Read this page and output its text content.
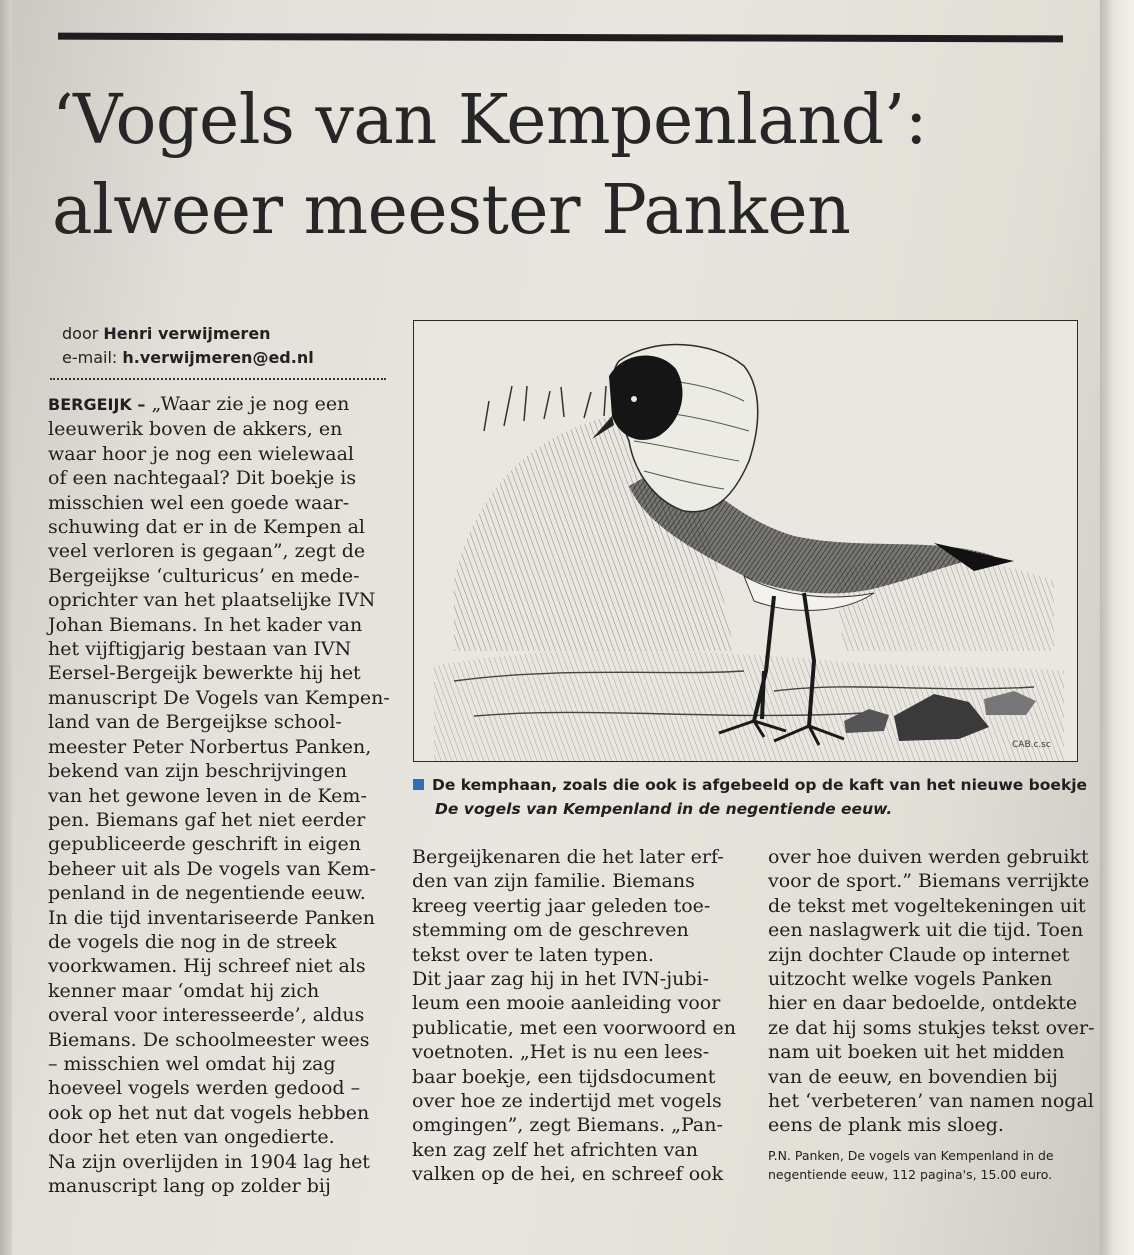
‘Vogels van Kempenland’:
alweer meester Panken
door Henri verwijmeren
e-mail: h.verwijmeren@ed.nl
BERGEIJK – „Waar zie je nog een
leeuwerik boven de akkers, en
waar hoor je nog een wielewaal
of een nachtegaal? Dit boekje is
misschien wel een goede waar-
schuwing dat er in de Kempen al
veel verloren is gegaan”, zegt de
Bergeijkse ‘culturicus’ en mede-
oprichter van het plaatselijke IVN
Johan Biemans. In het kader van
het vijftigjarig bestaan van IVN
Eersel-Bergeijk bewerkte hij het
manuscript De Vogels van Kempen-
land van de Bergeijkse school-
meester Peter Norbertus Panken,
bekend van zijn beschrijvingen
van het gewone leven in de Kem-
pen. Biemans gaf het niet eerder
gepubliceerde geschrift in eigen
beheer uit als De vogels van Kem-
penland in de negentiende eeuw.
In die tijd inventariseerde Panken
de vogels die nog in de streek
voorkwamen. Hij schreef niet als
kenner maar ‘omdat hij zich
overal voor interesseerde’, aldus
Biemans. De schoolmeester wees
– misschien wel omdat hij zag
hoeveel vogels werden gedood –
ook op het nut dat vogels hebben
door het eten van ongedierte.
Na zijn overlijden in 1904 lag het
manuscript lang op zolder bij
CAB.c.sc
De kemphaan, zoals die ook is afgebeeld op de kaft van het nieuwe boekje
De vogels van Kempenland in de negentiende eeuw.
Bergeijkenaren die het later erf-
den van zijn familie. Biemans
kreeg veertig jaar geleden toe-
stemming om de geschreven
tekst over te laten typen.
Dit jaar zag hij in het IVN-jubi-
leum een mooie aanleiding voor
publicatie, met een voorwoord en
voetnoten. „Het is nu een lees-
baar boekje, een tijdsdocument
over hoe ze indertijd met vogels
omgingen”, zegt Biemans. „Pan-
ken zag zelf het africhten van
valken op de hei, en schreef ook
over hoe duiven werden gebruikt
voor de sport.” Biemans verrijkte
de tekst met vogeltekeningen uit
een naslagwerk uit die tijd. Toen
zijn dochter Claude op internet
uitzocht welke vogels Panken
hier en daar bedoelde, ontdekte
ze dat hij soms stukjes tekst over-
nam uit boeken uit het midden
van de eeuw, en bovendien bij
het ‘verbeteren’ van namen nogal
eens de plank mis sloeg.
P.N. Panken, De vogels van Kempenland in de
negentiende eeuw, 112 pagina's, 15.00 euro.
